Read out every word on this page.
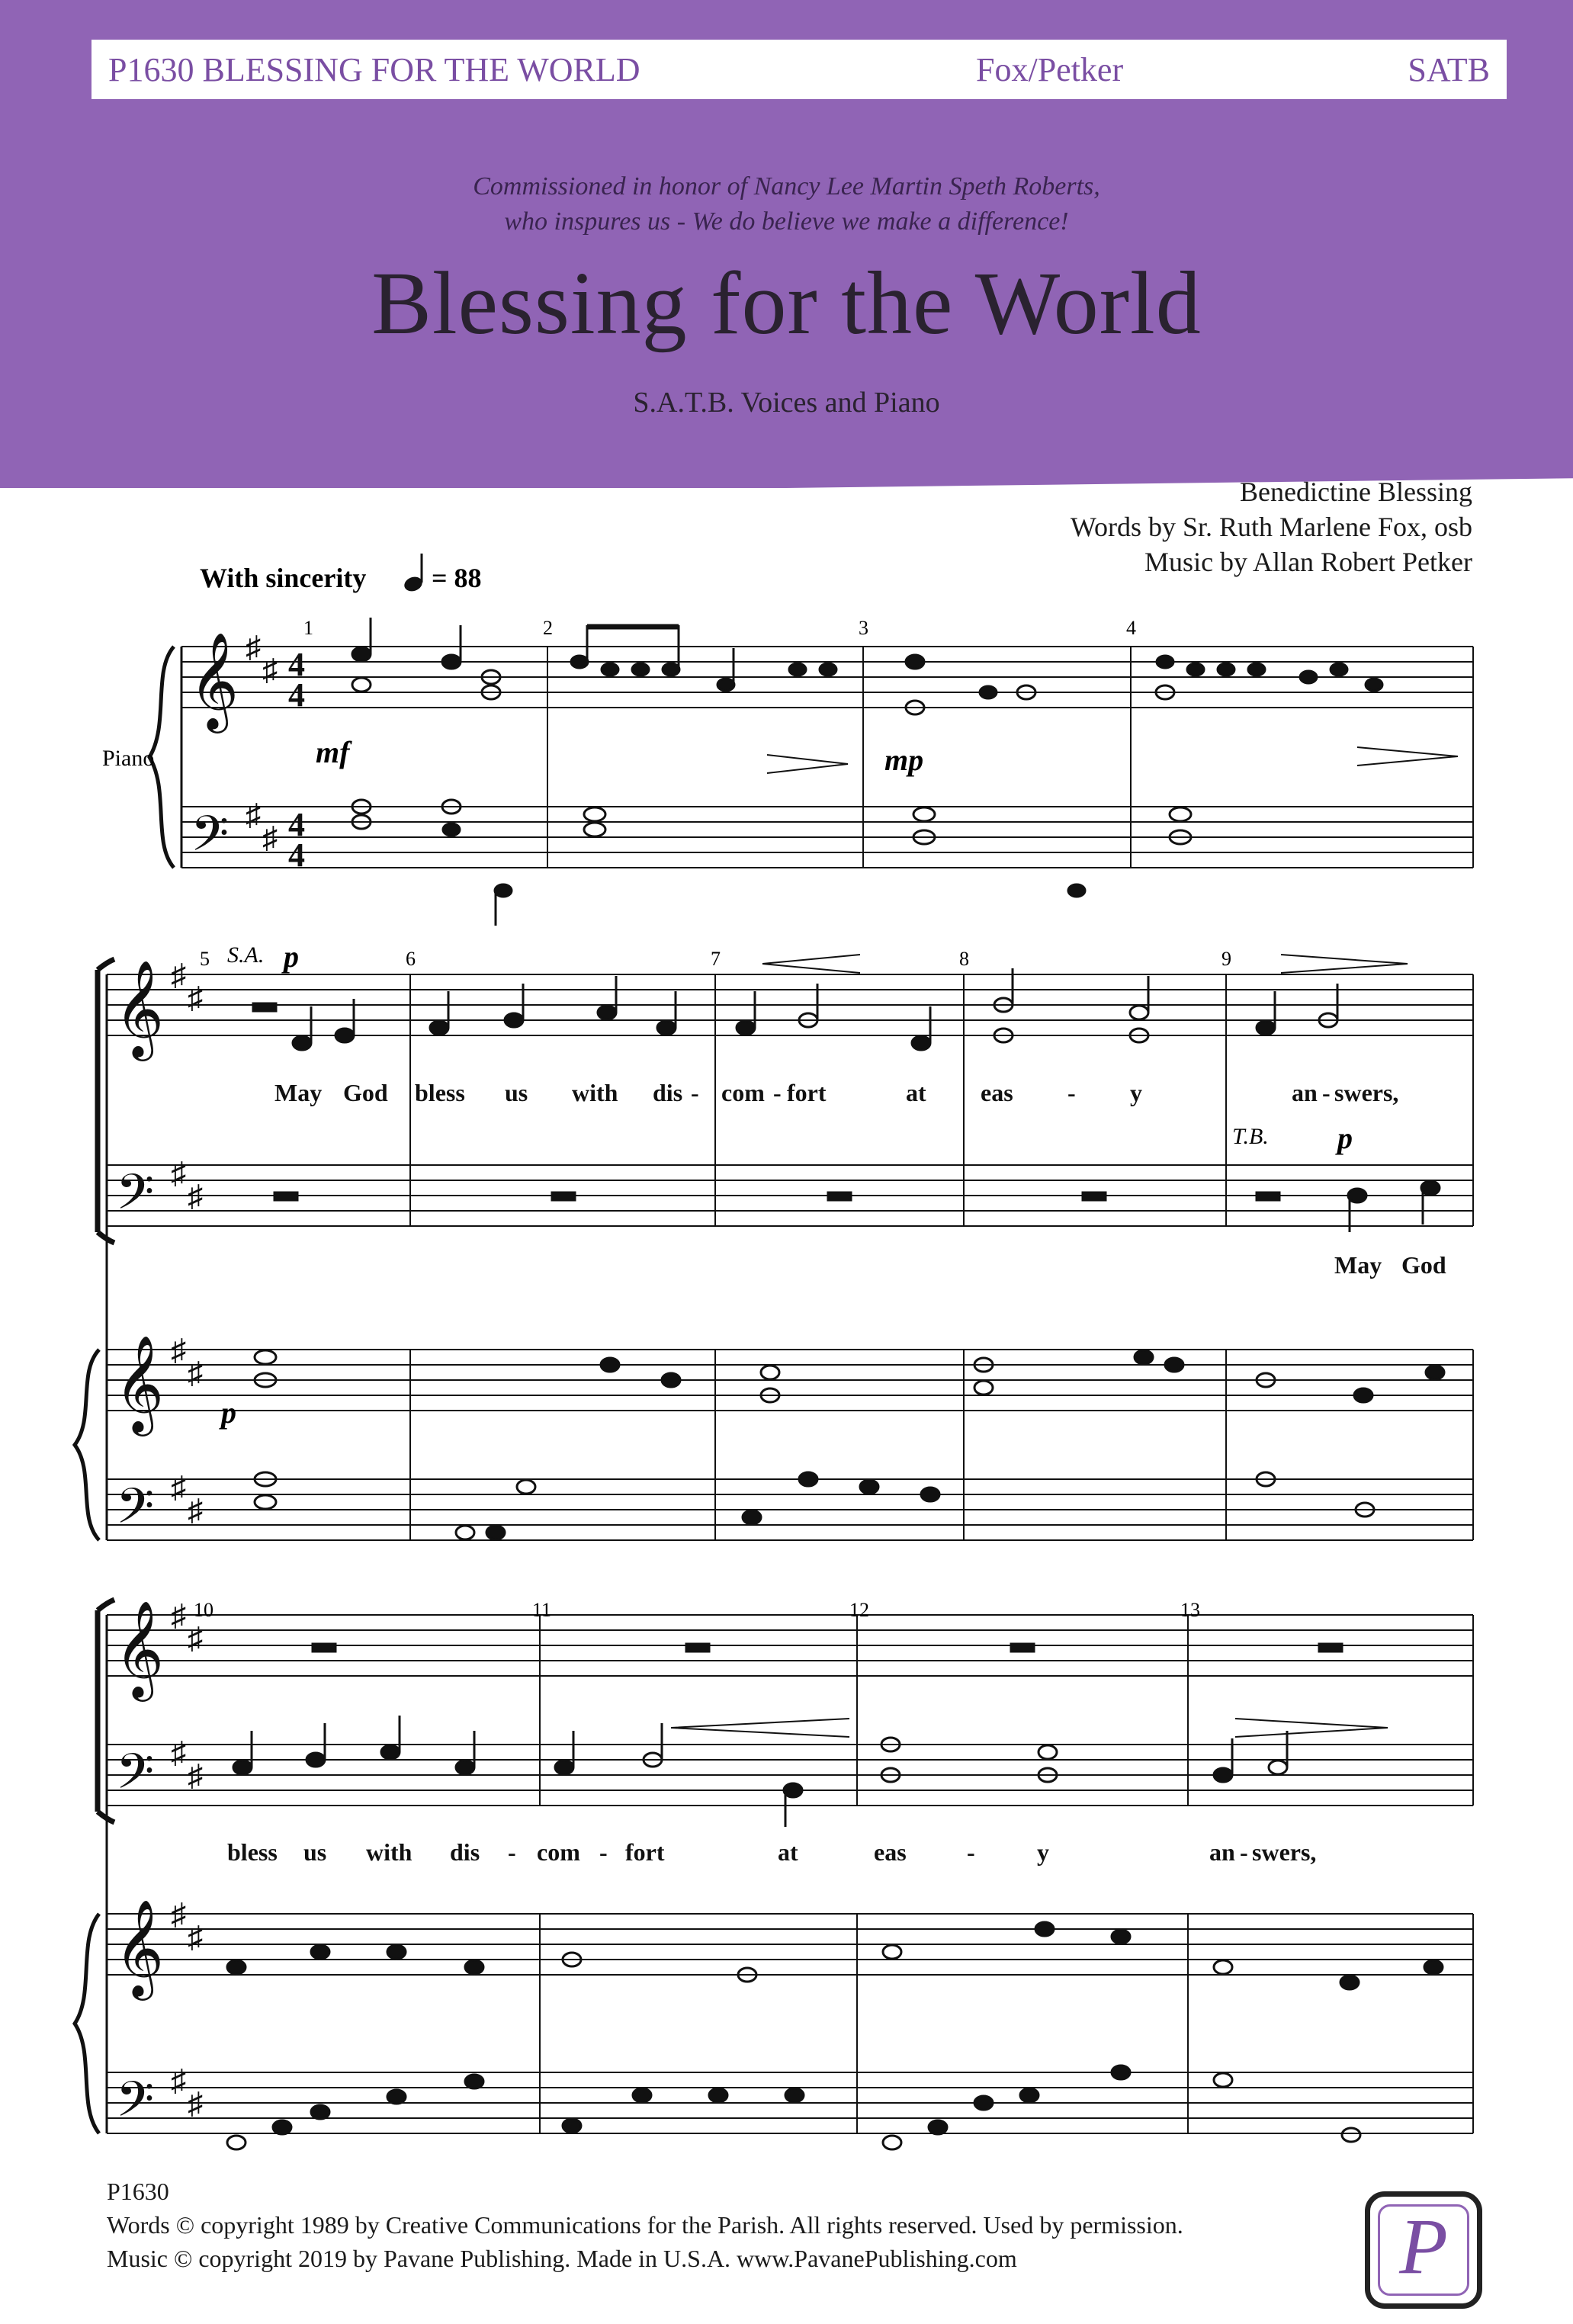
P1630 BLESSING FOR THE WORLD	Fox/Petker	SATB
Commissioned in honor of Nancy Lee Martin Speth Roberts,
who inspures us - We do believe we make a difference!
Blessing for the World
S.A.T.B. Voices and Piano
Benedictine Blessing
Words by Sr. Ruth Marlene Fox, osb
Music by Allan Robert Petker
With sincerity = 88
Piano
𝄞
𝄢
♯
♯
♯
♯
4
4
4
4
1	2	3	4
mf	mp
𝄞
𝄢
𝄞
𝄢
♯
♯
♯
♯
♯
♯
♯
♯
5	6	7	8	9
S.A. p
T.B. p
p
May God bless us with dis - com - fort	at eas - y	an - swers,
May God
𝄞
𝄢
𝄞
𝄢
♯
♯
♯
♯
♯
♯
♯
♯
10	11	12	13
bless us with dis - com - fort	at	eas -	y	an - swers,
P1630
Words © copyright 1989 by Creative Communications for the Parish. All rights reserved. Used by permission.
Music © copyright 2019 by Pavane Publishing. Made in U.S.A. www.PavanePublishing.com	P
